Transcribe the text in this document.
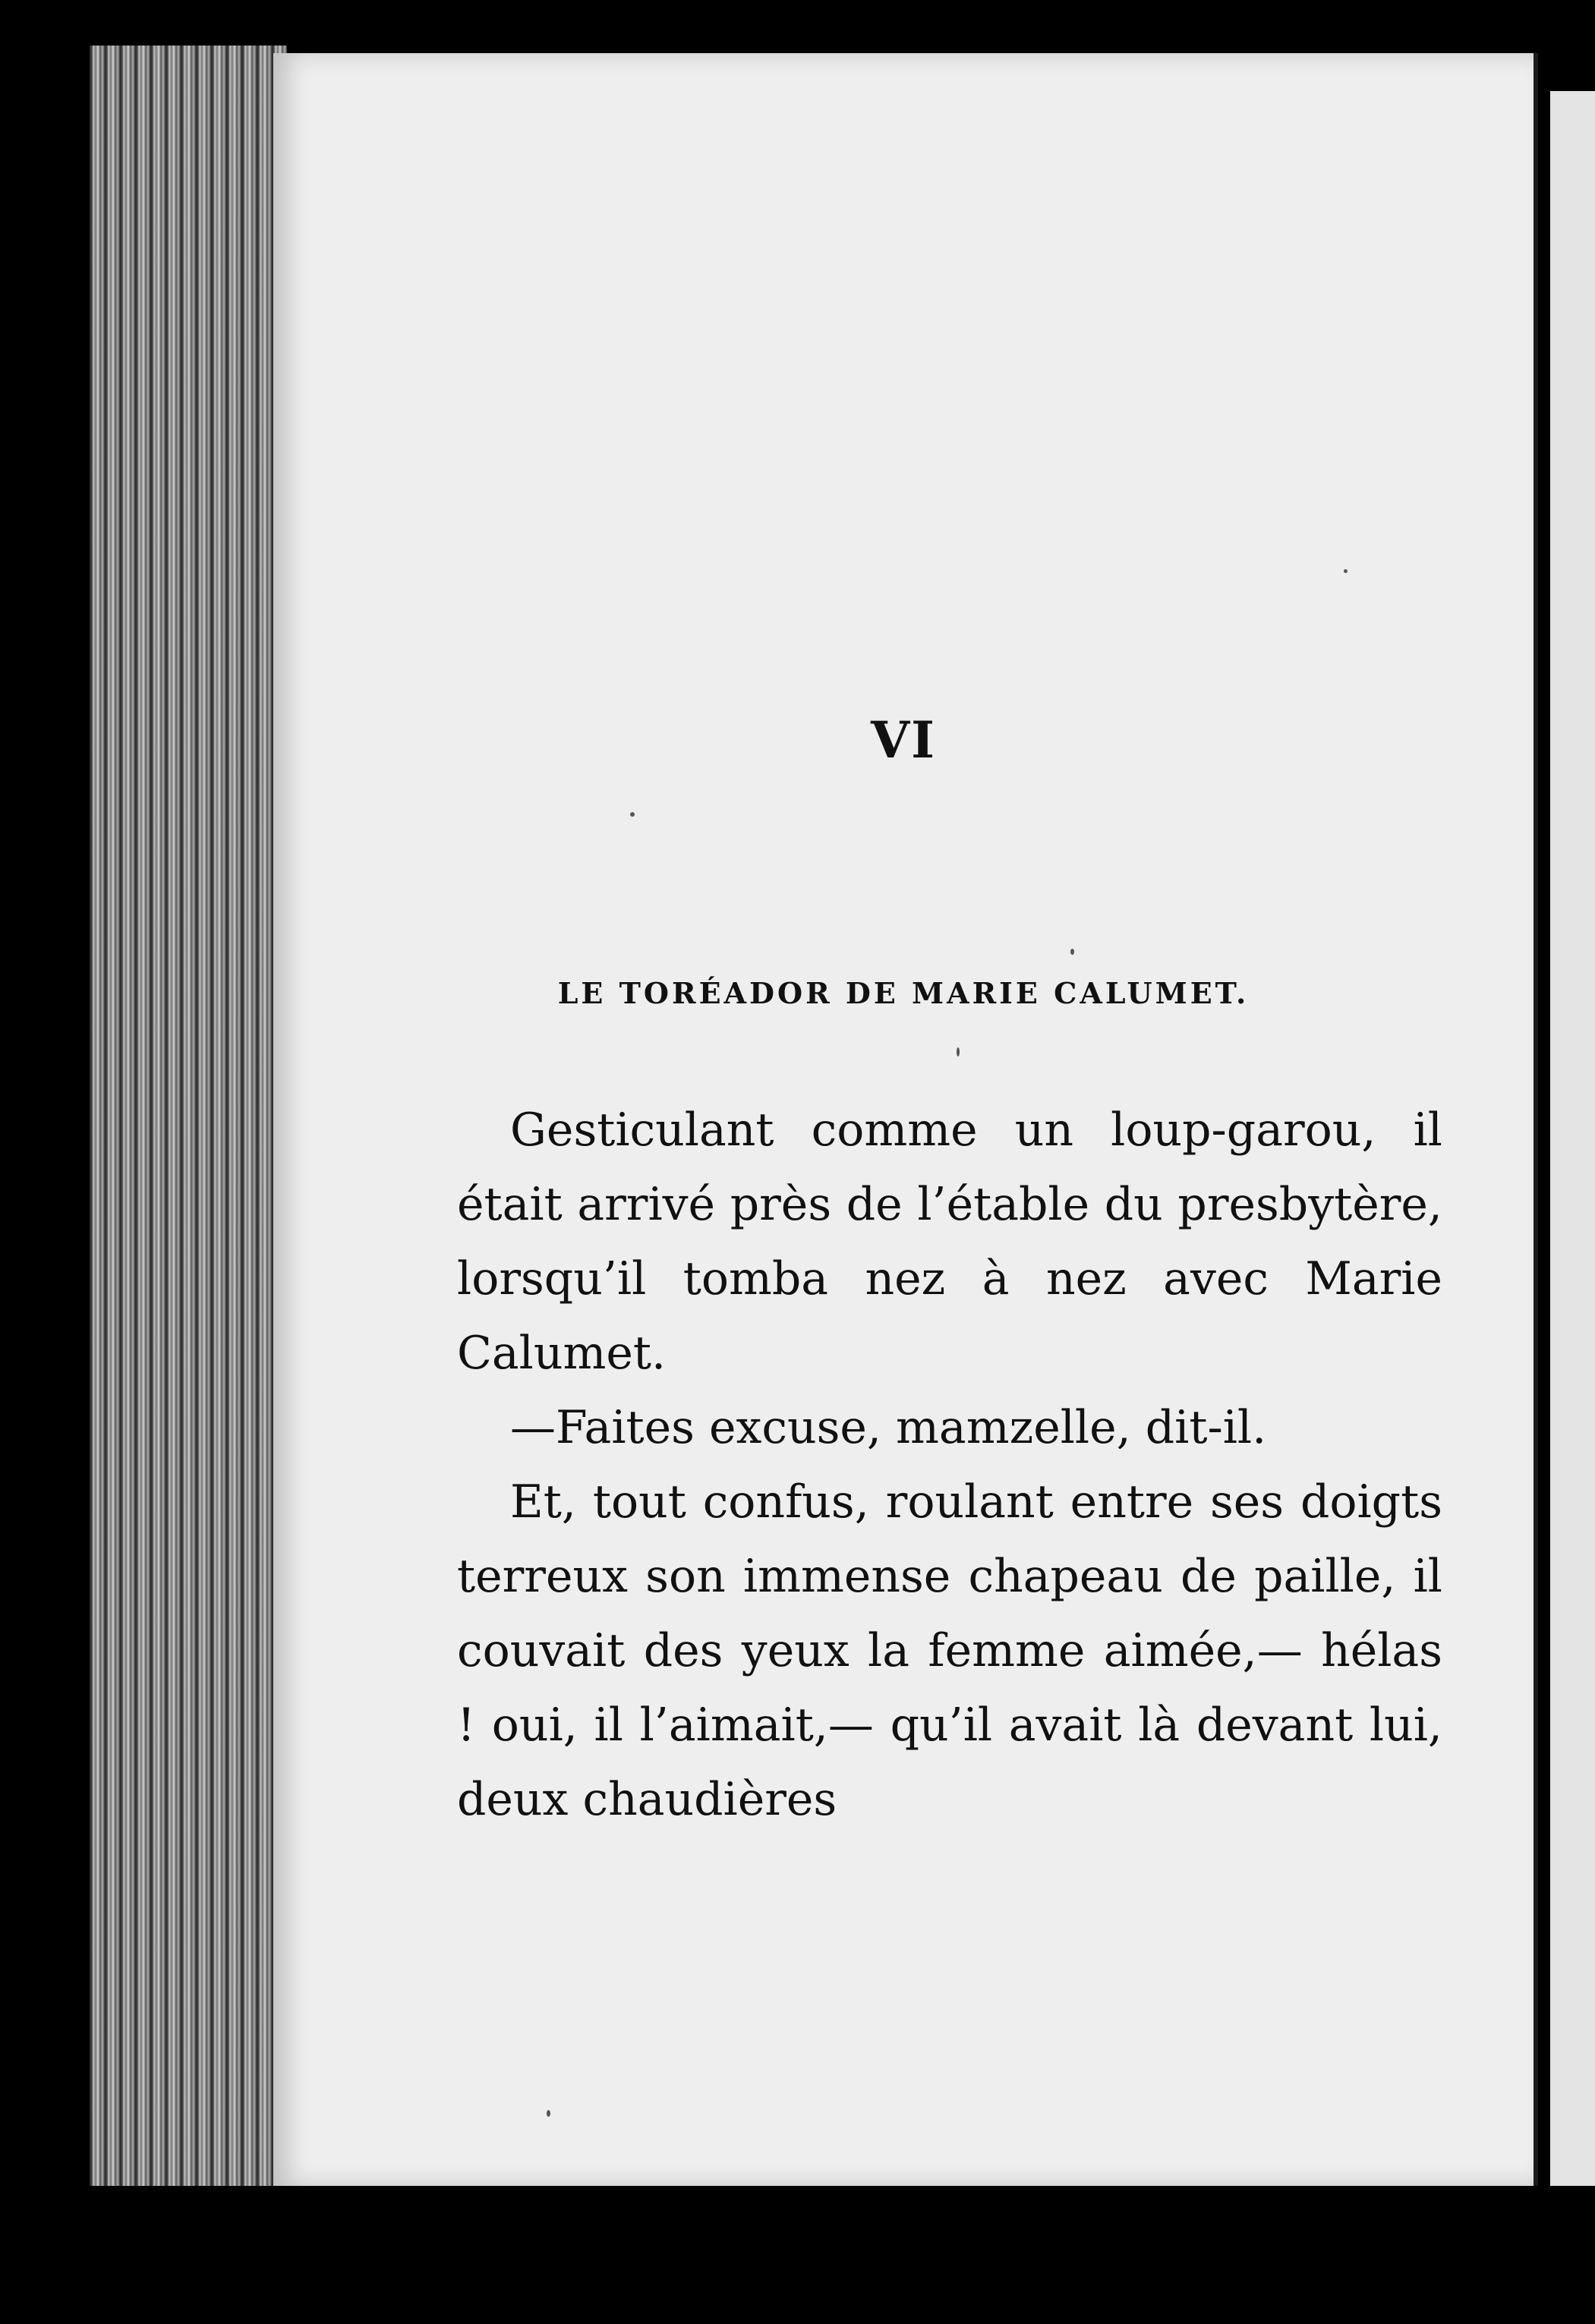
VI
LE TORÉADOR DE MARIE CALUMET.

Gesticulant comme un loup-garou, il était arrivé près de l’étable du presbytère, lorsqu’il tomba nez à nez avec Marie Calumet.

—Faites excuse, mamzelle, dit-il.

Et, tout confus, roulant entre ses doigts terreux son immense chapeau de paille, il couvait des yeux la femme aimée,— hélas ! oui, il l’aimait,— qu’il avait là devant lui, deux chaudières
